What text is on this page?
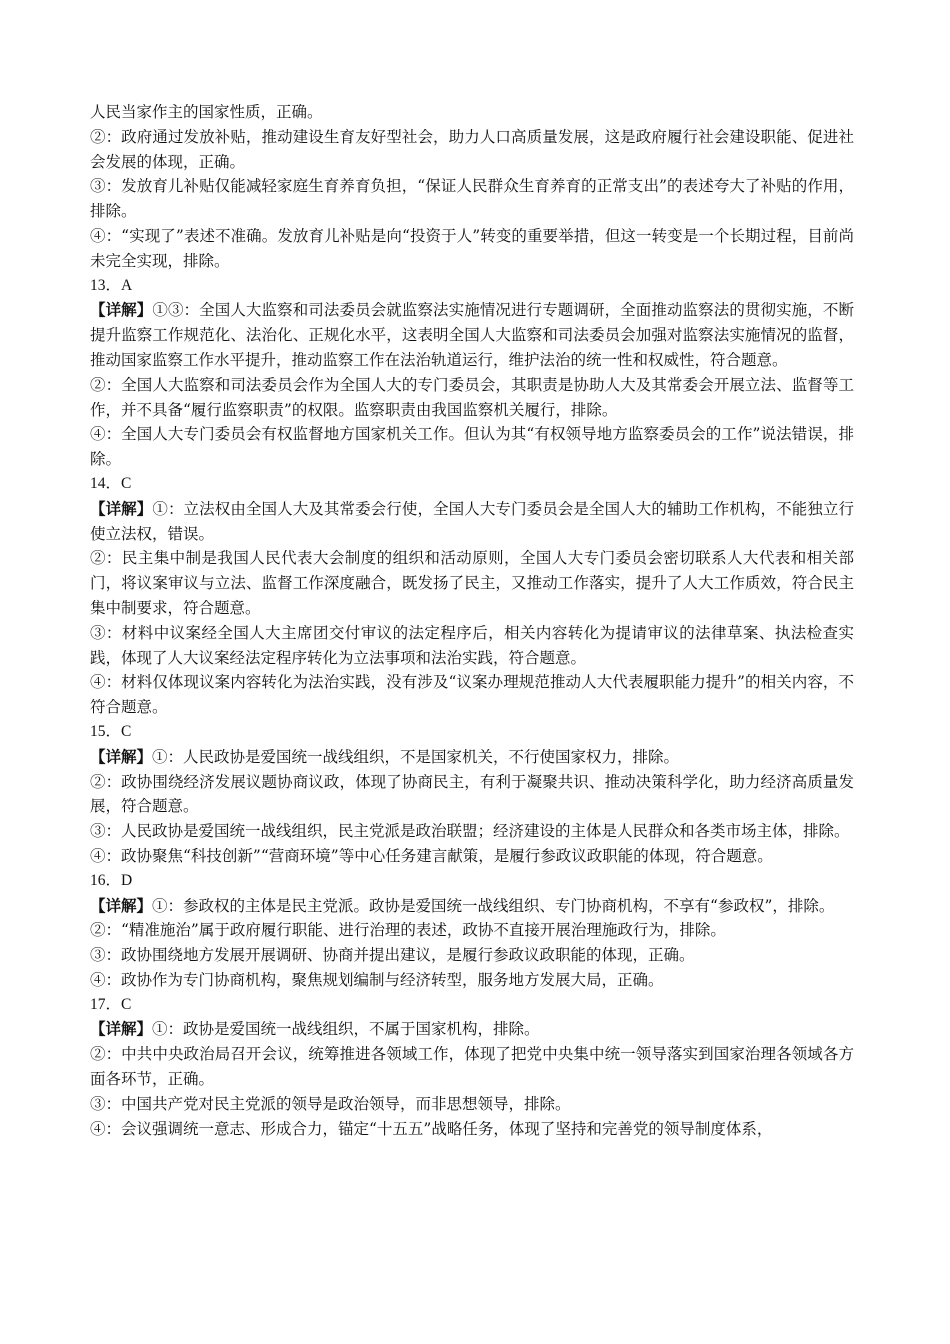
人民当家作主的国家性质，正确。

②：政府通过发放补贴，推动建设生育友好型社会，助力人口高质量发展，这是政府履行社会建设职能、促进社会发展的体现，正确。

③：发放育儿补贴仅能减轻家庭生育养育负担，“保证人民群众生育养育的正常支出”的表述夸大了补贴的作用，排除。

④：“实现了”表述不准确。发放育儿补贴是向“投资于人”转变的重要举措，但这一转变是一个长期过程，目前尚未完全实现，排除。

13．A

【详解】①③：全国人大监察和司法委员会就监察法实施情况进行专题调研，全面推动监察法的贯彻实施，不断提升监察工作规范化、法治化、正规化水平，这表明全国人大监察和司法委员会加强对监察法实施情况的监督，推动国家监察工作水平提升，推动监察工作在法治轨道运行，维护法治的统一性和权威性，符合题意。

②：全国人大监察和司法委员会作为全国人大的专门委员会，其职责是协助人大及其常委会开展立法、监督等工作，并不具备“履行监察职责”的权限。监察职责由我国监察机关履行，排除。

④：全国人大专门委员会有权监督地方国家机关工作。但认为其“有权领导地方监察委员会的工作”说法错误，排除。

14．C

【详解】①：立法权由全国人大及其常委会行使，全国人大专门委员会是全国人大的辅助工作机构，不能独立行使立法权，错误。

②：民主集中制是我国人民代表大会制度的组织和活动原则，全国人大专门委员会密切联系人大代表和相关部门，将议案审议与立法、监督工作深度融合，既发扬了民主，又推动工作落实，提升了人大工作质效，符合民主集中制要求，符合题意。

③：材料中议案经全国人大主席团交付审议的法定程序后，相关内容转化为提请审议的法律草案、执法检查实践，体现了人大议案经法定程序转化为立法事项和法治实践，符合题意。

④：材料仅体现议案内容转化为法治实践，没有涉及“议案办理规范推动人大代表履职能力提升”的相关内容，不符合题意。

15．C

【详解】①：人民政协是爱国统一战线组织，不是国家机关，不行使国家权力，排除。

②：政协围绕经济发展议题协商议政，体现了协商民主，有利于凝聚共识、推动决策科学化，助力经济高质量发展，符合题意。

③：人民政协是爱国统一战线组织，民主党派是政治联盟；经济建设的主体是人民群众和各类市场主体，排除。

④：政协聚焦“科技创新”“营商环境”等中心任务建言献策，是履行参政议政职能的体现，符合题意。

16．D

【详解】①：参政权的主体是民主党派。政协是爱国统一战线组织、专门协商机构，不享有“参政权”，排除。

②：“精准施治”属于政府履行职能、进行治理的表述，政协不直接开展治理施政行为，排除。

③：政协围绕地方发展开展调研、协商并提出建议，是履行参政议政职能的体现，正确。

④：政协作为专门协商机构，聚焦规划编制与经济转型，服务地方发展大局，正确。

17．C

【详解】①：政协是爱国统一战线组织，不属于国家机构，排除。

②：中共中央政治局召开会议，统筹推进各领域工作，体现了把党中央集中统一领导落实到国家治理各领域各方面各环节，正确。

③：中国共产党对民主党派的领导是政治领导，而非思想领导，排除。

④：会议强调统一意志、形成合力，锚定“十五五”战略任务，体现了坚持和完善党的领导制度体系，
